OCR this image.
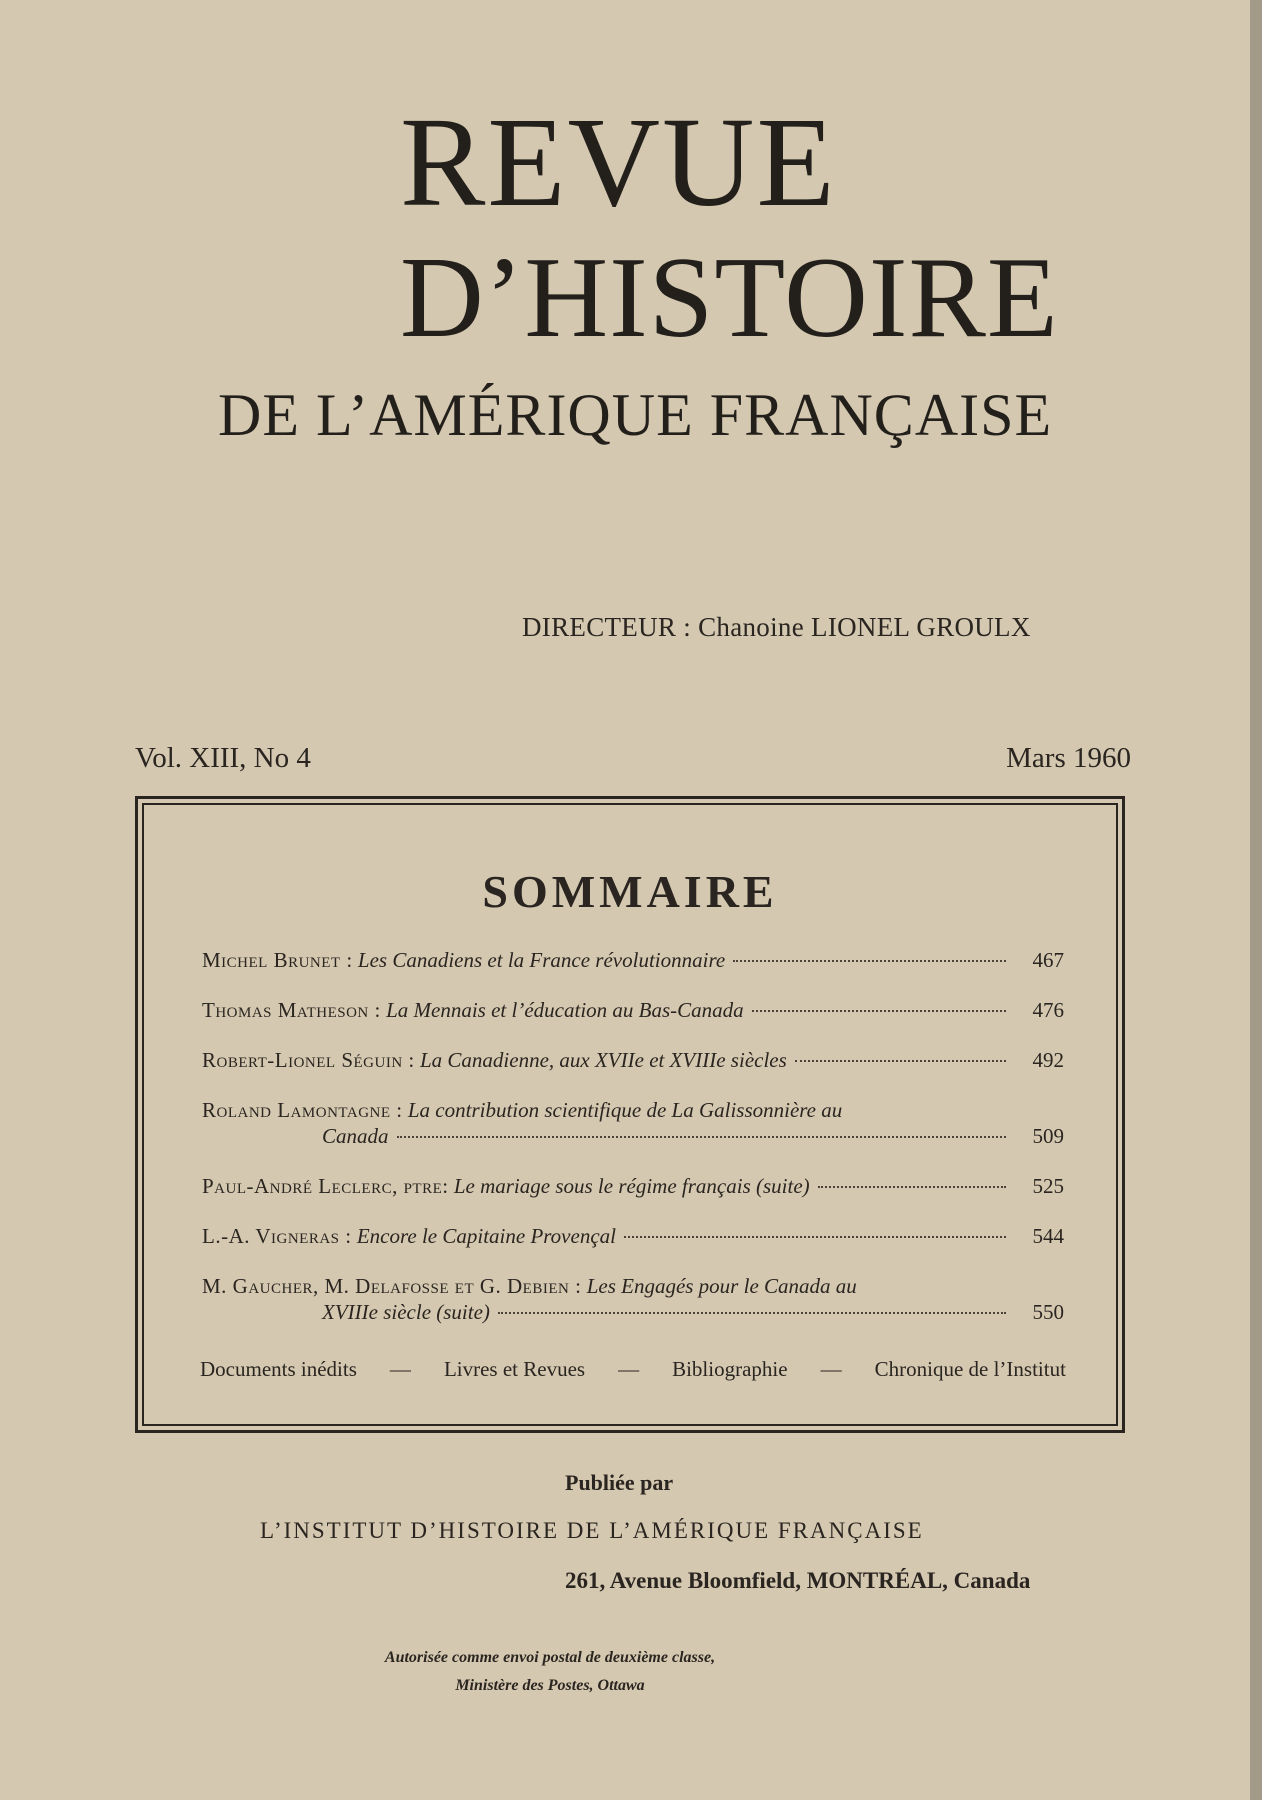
REVUE
D’HISTOIRE
DE L’AMÉRIQUE FRANÇAISE
DIRECTEUR : Chanoine LIONEL GROULX
Vol. XIII, No 4	Mars 1960
SOMMAIRE
Michel Brunet :
Les Canadiens et la France révolutionnaire	467
Thomas Matheson :
La Mennais et l’éducation au Bas-Canada	476
Robert-Lionel Séguin :
La Canadienne, aux XVIIe et XVIIIe siècles	492
Roland Lamontagne :
La contribution scientifique de La Galissonnière au
Canada	509
Paul-André Leclerc, ptre:
Le mariage sous le régime français (suite)	525
L.-A. Vigneras :
Encore le Capitaine Provençal	544
M. Gaucher, M. Delafosse et G. Debien :
Les Engagés pour le Canada au
XVIIIe siècle (suite)	550
Documents inédits — Livres et Revues — Bibliographie — Chronique de l’Institut
Publiée par
L’INSTITUT D’HISTOIRE DE L’AMÉRIQUE FRANÇAISE
261, Avenue Bloomfield, MONTRÉAL, Canada
Autorisée comme envoi postal de deuxième classe,
Ministère des Postes, Ottawa
